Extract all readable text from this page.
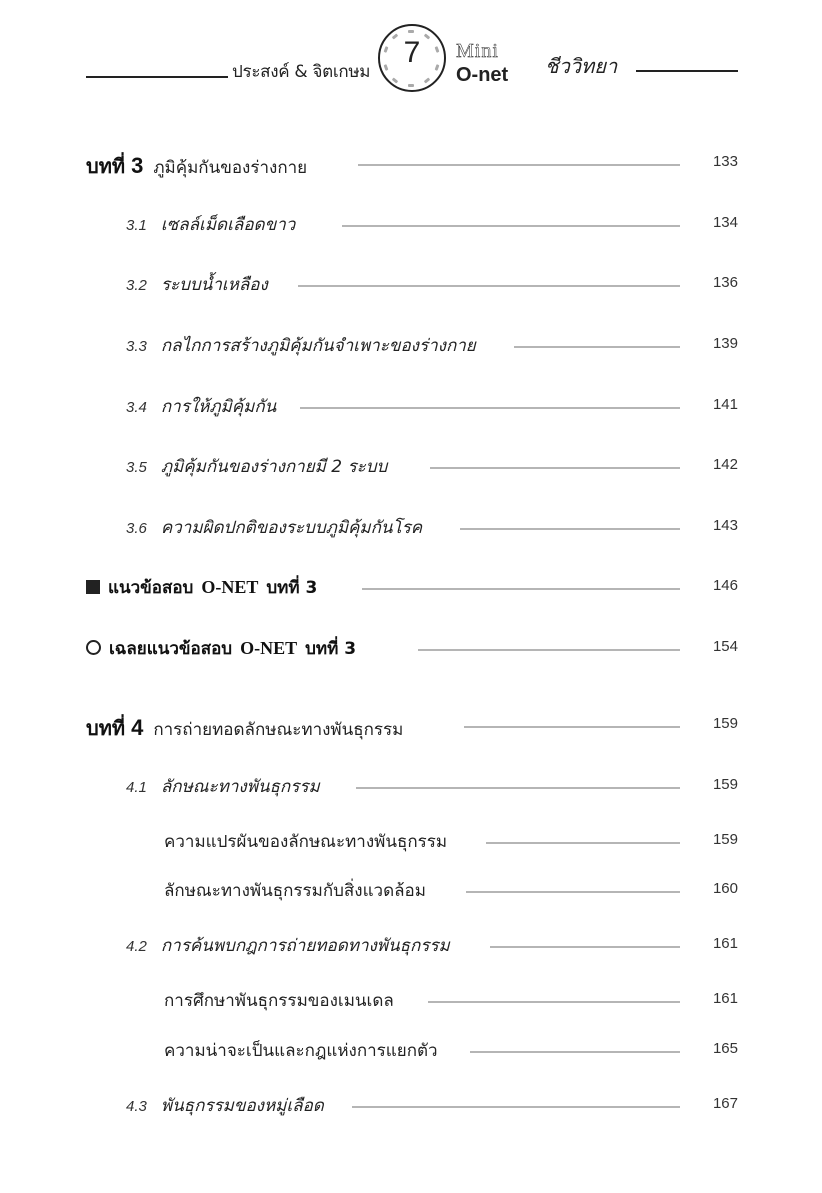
ประสงค์ & จิตเกษม
7	Mini
O-net ชีววิทยา
บทที่ 3 ภูมิคุ้มกันของร่างกาย	133
3.1 เซลล์เม็ดเลือดขาว	134
3.2 ระบบน้ำเหลือง	136
3.3 กลไกการสร้างภูมิคุ้มกันจำเพาะของร่างกาย	139
3.4 การให้ภูมิคุ้มกัน	141
3.5 ภูมิคุ้มกันของร่างกายมี 2 ระบบ	142
3.6 ความผิดปกติของระบบภูมิคุ้มกันโรค	143
แนวข้อสอบ O-NET บทที่ 3	146
เฉลยแนวข้อสอบ O-NET บทที่ 3	154
บทที่ 4 การถ่ายทอดลักษณะทางพันธุกรรม	159
4.1 ลักษณะทางพันธุกรรม	159
ความแปรผันของลักษณะทางพันธุกรรม	159
ลักษณะทางพันธุกรรมกับสิ่งแวดล้อม	160
4.2 การค้นพบกฎการถ่ายทอดทางพันธุกรรม	161
การศึกษาพันธุกรรมของเมนเดล	161
ความน่าจะเป็นและกฎแห่งการแยกตัว	165
4.3 พันธุกรรมของหมู่เลือด	167
